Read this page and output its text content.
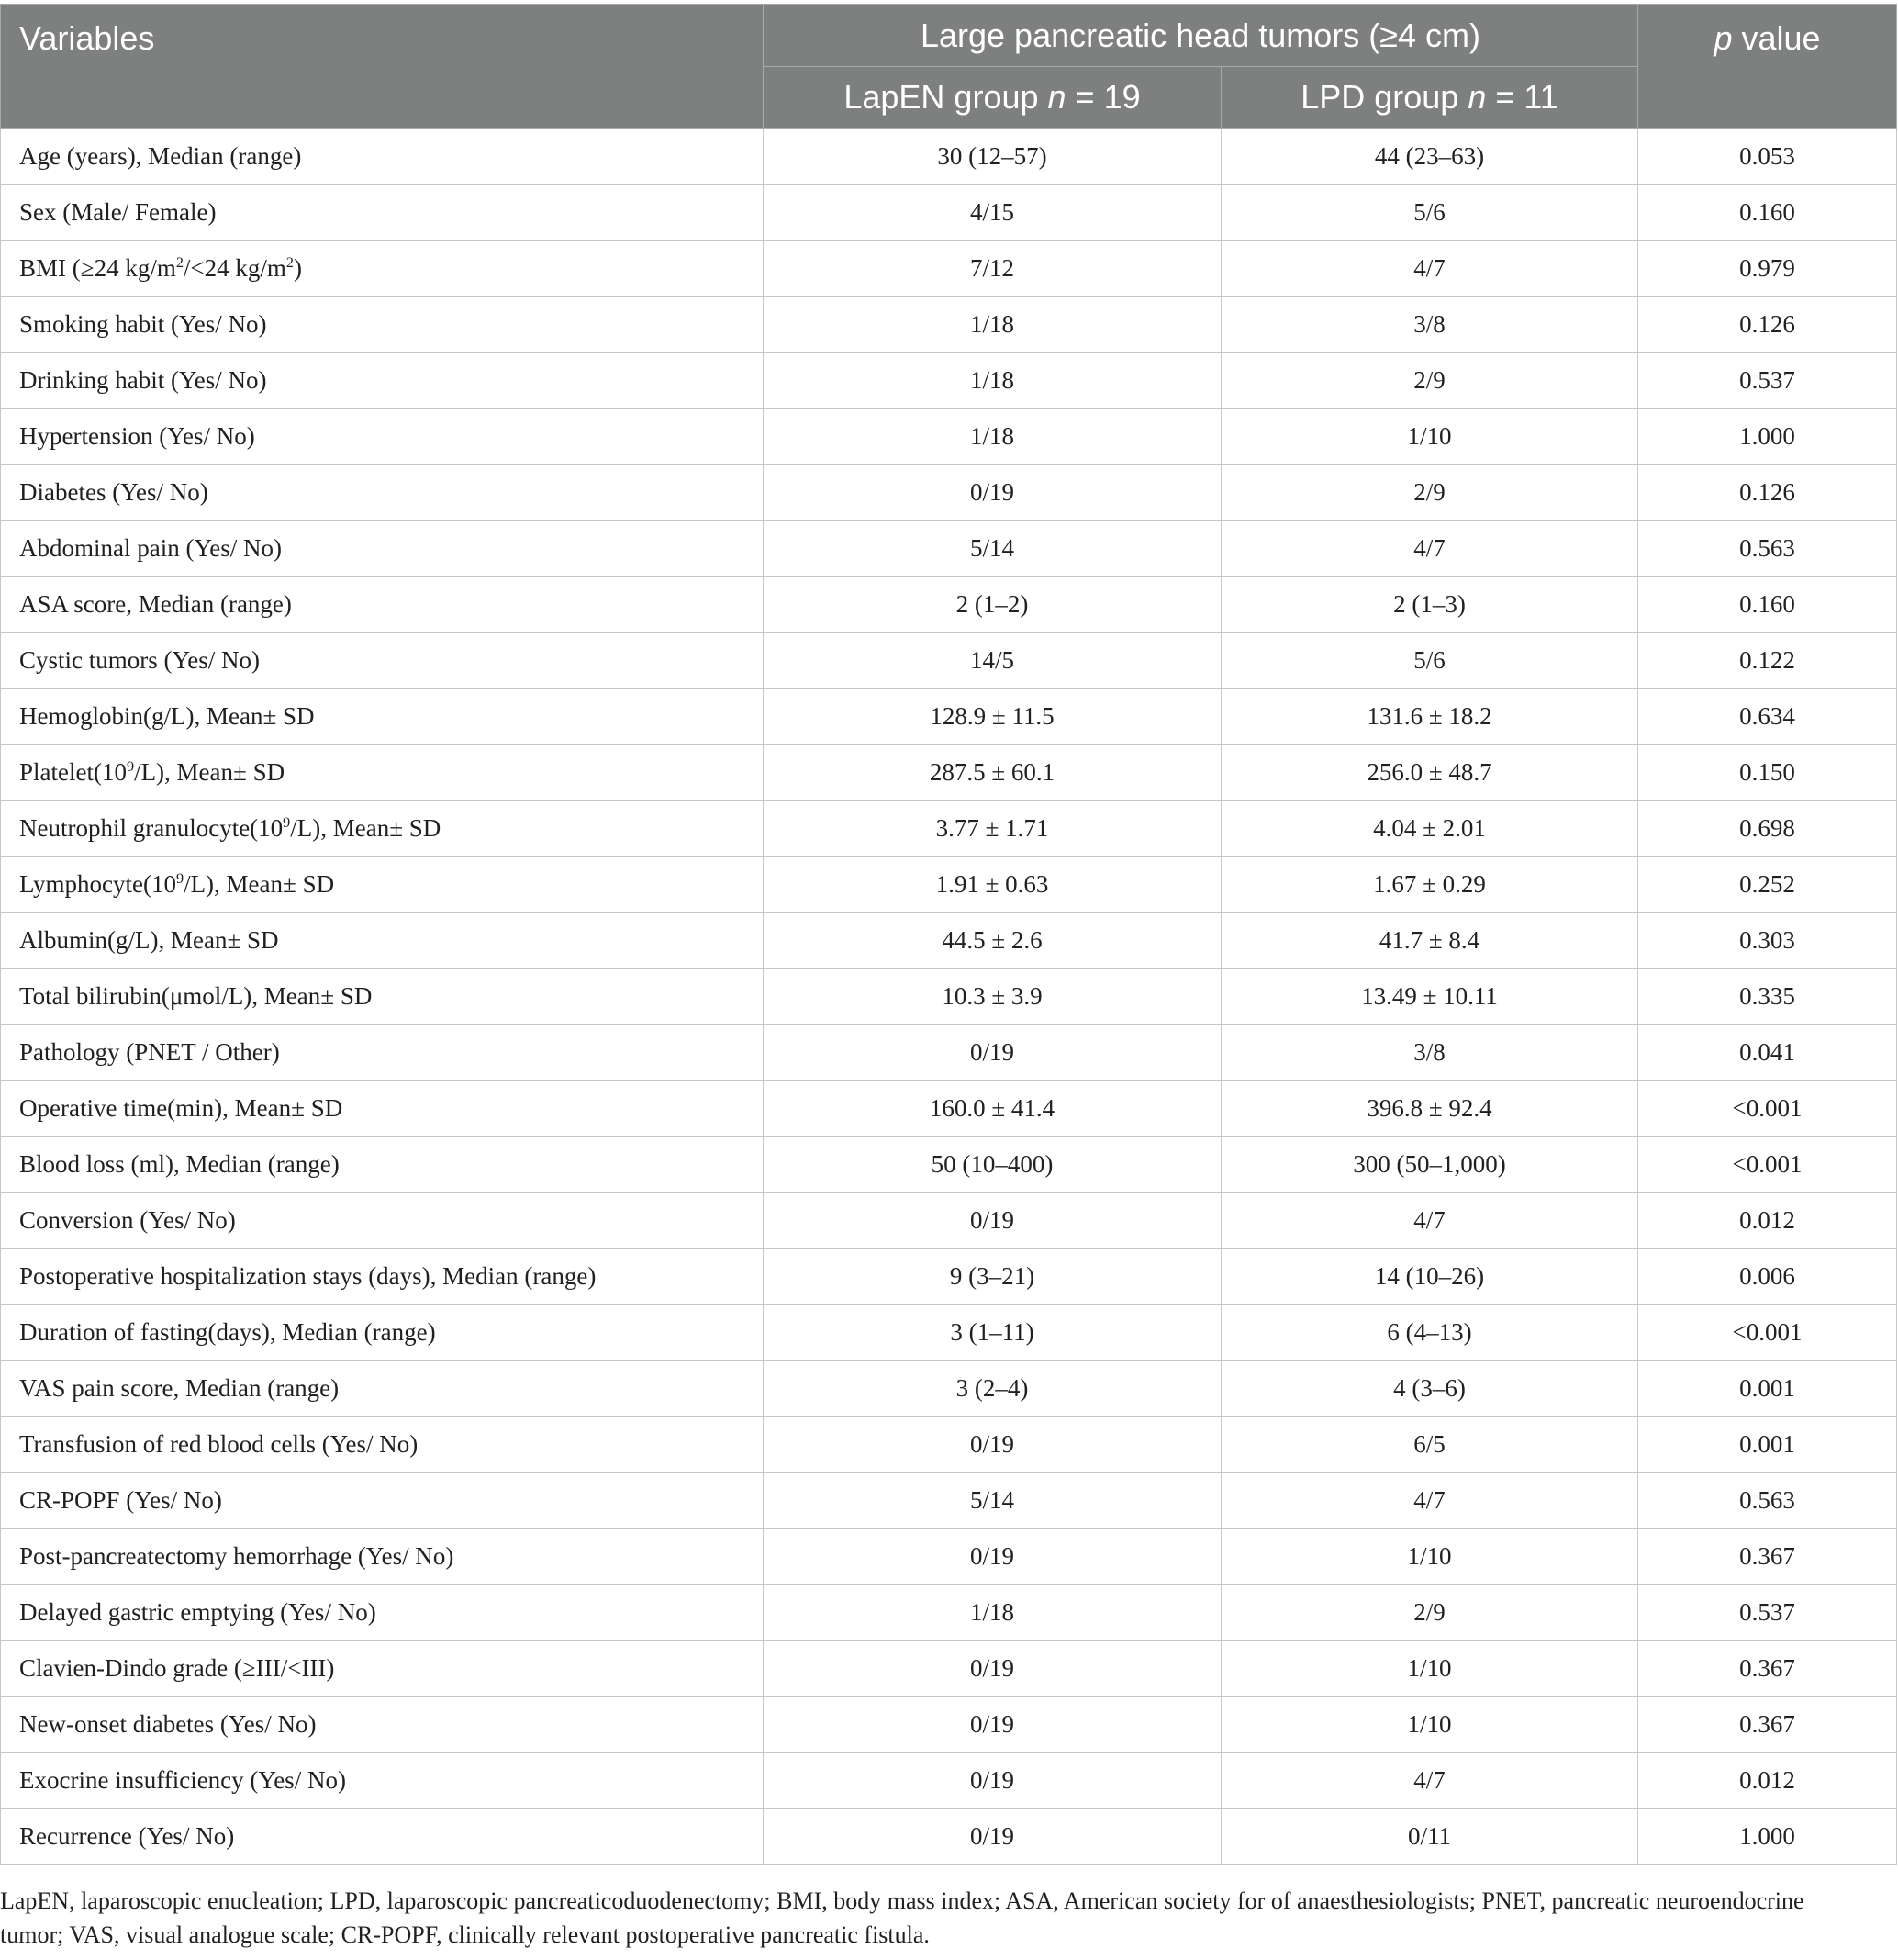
Variables	Large pancreatic head tumors (≥4 cm)		p value
	LapEN group n = 19	LPD group n = 11	
Age (years), Median (range)	30 (12–57)	44 (23–63)	0.053
Sex (Male/ Female)	4/15	5/6	0.160
BMI (≥24 $kg/m^2/<24$ $kg/m^2$)	7/12	4/7	0.979
Smoking habit (Yes/ No)	1/18	3/8	0.126
Drinking habit (Yes/ No)	1/18	2/9	0.537
Hypertension (Yes/ No)	1/18	1/10	1.000
Diabetes (Yes/ No)	0/19	2/9	0.126
Abdominal pain (Yes/ No)	5/14	4/7	0.563
ASA score, Median (range)	2 (1–2)	2 (1–3)	0.160
Cystic tumors (Yes/ No)	14/5	5/6	0.122
Hemoglobin(g/L), Mean± SD	128.9 ± 11.5	131.6 ± 18.2	0.634
$Platelet(10^9/L)$, Mean± SD	287.5 ± 60.1	256.0 ± 48.7	0.150
Neutrophil $granulocyte(10^9/L)$, Mean± SD	3.77 ± 1.71	4.04 ± 2.01	0.698
$Lymphocyte(10^9/L)$, Mean± SD	1.91 ± 0.63	1.67 ± 0.29	0.252
Albumin(g/L), Mean± SD	44.5 ± 2.6	41.7 ± 8.4	0.303
Total bilirubin(μmol/L), Mean± SD	10.3 ± 3.9	13.49 ± 10.11	0.335
Pathology (PNET / Other)	0/19	3/8	0.041
Operative time(min), Mean± SD	160.0 ± 41.4	396.8 ± 92.4	<0.001
Blood loss (ml), Median (range)	50 (10–400)	300 (50–1,000)	<0.001
Conversion (Yes/ No)	0/19	4/7	0.012
Postoperative hospitalization stays (days), Median (range)	9 (3–21)	14 (10–26)	0.006
Duration of fasting(days), Median (range)	3 (1–11)	6 (4–13)	<0.001
VAS pain score, Median (range)	3 (2–4)	4 (3–6)	0.001
Transfusion of red blood cells (Yes/ No)	0/19	6/5	0.001
CR-POPF (Yes/ No)	5/14	4/7	0.563
Post-pancreatectomy hemorrhage (Yes/ No)	0/19	1/10	0.367
Delayed gastric emptying (Yes/ No)	1/18	2/9	0.537
Clavien-Dindo grade (≥III/<III)	0/19	1/10	0.367
New-onset diabetes (Yes/ No)	0/19	1/10	0.367
Exocrine insufficiency (Yes/ No)	0/19	4/7	0.012
Recurrence (Yes/ No)	0/19	0/11	1.000
LapEN, laparoscopic enucleation; LPD, laparoscopic pancreaticoduodenectomy; BMI, body mass index; ASA, American society for of anaesthesiologists; PNET, pancreatic neuroendocrine tumor; VAS, visual analogue scale; CR-POPF, clinically relevant postoperative pancreatic fistula.
